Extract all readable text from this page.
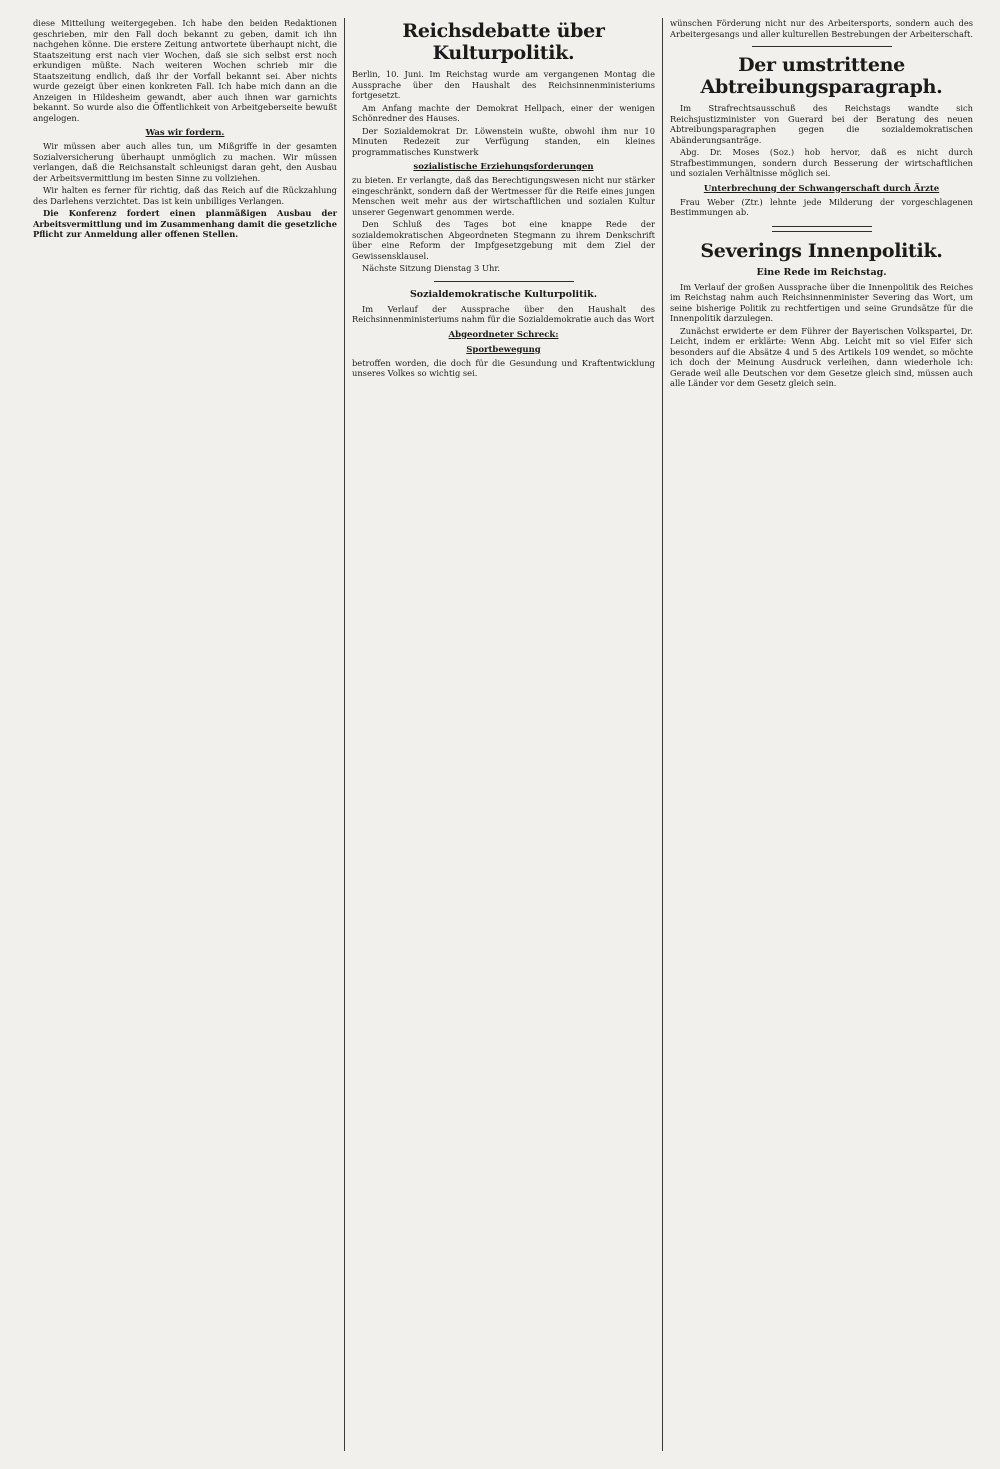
diese Mitteilung weitergegeben. Ich habe den beiden Redaktionen geschrieben, mir den Fall doch bekannt zu geben, damit ich ihn nachgehen könne. Die erstere Zeitung antwortete überhaupt nicht, die Staatszeitung erst nach vier Wochen, daß sie sich selbst erst noch erkundigen müßte. Nach weiteren Wochen schrieb mir die Staatszeitung endlich, daß ihr der Vorfall bekannt sei. Aber nichts wurde gezeigt über einen konkreten Fall. Ich habe mich dann an die Anzeigen in Hildesheim gewandt, aber auch ihnen war garnichts bekannt. So wurde also die Öffentlichkeit von Arbeitgeberseite bewußt angelogen.

Was wir fordern.

Wir müssen aber auch alles tun, um Mißgriffe in der gesamten Sozialversicherung überhaupt unmöglich zu machen. Wir müssen verlangen, daß die Reichsanstalt schleunigst daran geht, den Ausbau der Arbeitsvermittlung im besten Sinne zu vollziehen.

Wir halten es ferner für richtig, daß das Reich auf die Rückzahlung des Darlehens verzichtet. Das ist kein unbilliges Verlangen.

Die Konferenz fordert einen planmäßigen Ausbau der Arbeitsvermittlung und im Zusammenhang damit die gesetzliche Pflicht zur Anmeldung aller offenen Stellen.

Reichsdebatte über Kulturpolitik.

Berlin, 10. Juni. Im Reichstag wurde am vergangenen Montag die Aussprache über den Haushalt des Reichsinnenministeriums fortgesetzt.

Am Anfang machte der Demokrat Hellpach, einer der wenigen Schönredner des Hauses.

Der Sozialdemokrat Dr. Löwenstein wußte, obwohl ihm nur 10 Minuten Redezeit zur Verfügung standen, ein kleines programmatisches Kunstwerk

sozialistische Erziehungsforderungen

zu bieten. Er verlangte, daß das Berechtigungswesen nicht nur stärker eingeschränkt, sondern daß der Wertmesser für die Reife eines jungen Menschen weit mehr aus der wirtschaftlichen und sozialen Kultur unserer Gegenwart genommen werde.

Den Schluß des Tages bot eine knappe Rede der sozialdemokratischen Abgeordneten Stegmann zu ihrem Denkschrift über eine Reform der Impfgesetzgebung mit dem Ziel der Gewissensklausel.

Nächste Sitzung Dienstag 3 Uhr.

Sozialdemokratische Kulturpolitik.

Im Verlauf der Aussprache über den Haushalt des Reichsinnenministeriums nahm für die Sozialdemokratie auch das Wort

Abgeordneter Schreck:
Sportbewegung

betroffen worden, die doch für die Gesundung und Kraftentwicklung unseres Volkes so wichtig sei.

wünschen Förderung nicht nur des Arbeitersports, sondern auch des Arbeitergesangs und aller kulturellen Bestrebungen der Arbeiterschaft.

Der umstrittene Abtreibungsparagraph.

Im Strafrechtsausschuß des Reichstags wandte sich Reichsjustizminister von Guerard bei der Beratung des neuen Abtreibungsparagraphen gegen die sozialdemokratischen Abänderungsanträge.

Abg. Dr. Moses (Soz.) hob hervor, daß es nicht durch Strafbestimmungen, sondern durch Besserung der wirtschaftlichen und sozialen Verhältnisse möglich sei.

Unterbrechung der Schwangerschaft durch Ärzte

Frau Weber (Ztr.) lehnte jede Milderung der vorgeschlagenen Bestimmungen ab.

Severings Innenpolitik.
Eine Rede im Reichstag.

Im Verlauf der großen Aussprache über die Innenpolitik des Reiches im Reichstag nahm auch Reichsinnenminister Severing das Wort, um seine bisherige Politik zu rechtfertigen und seine Grundsätze für die Innenpolitik darzulegen.

Zunächst erwiderte er dem Führer der Bayerischen Volkspartei, Dr. Leicht, indem er erklärte: Wenn Abg. Leicht mit so viel Eifer sich besonders auf die Absätze 4 und 5 des Artikels 109 wendet, so möchte ich doch der Meinung Ausdruck verleihen, dann wiederhole ich: Gerade weil alle Deutschen vor dem Gesetze gleich sind, müssen auch alle Länder vor dem Gesetz gleich sein.
